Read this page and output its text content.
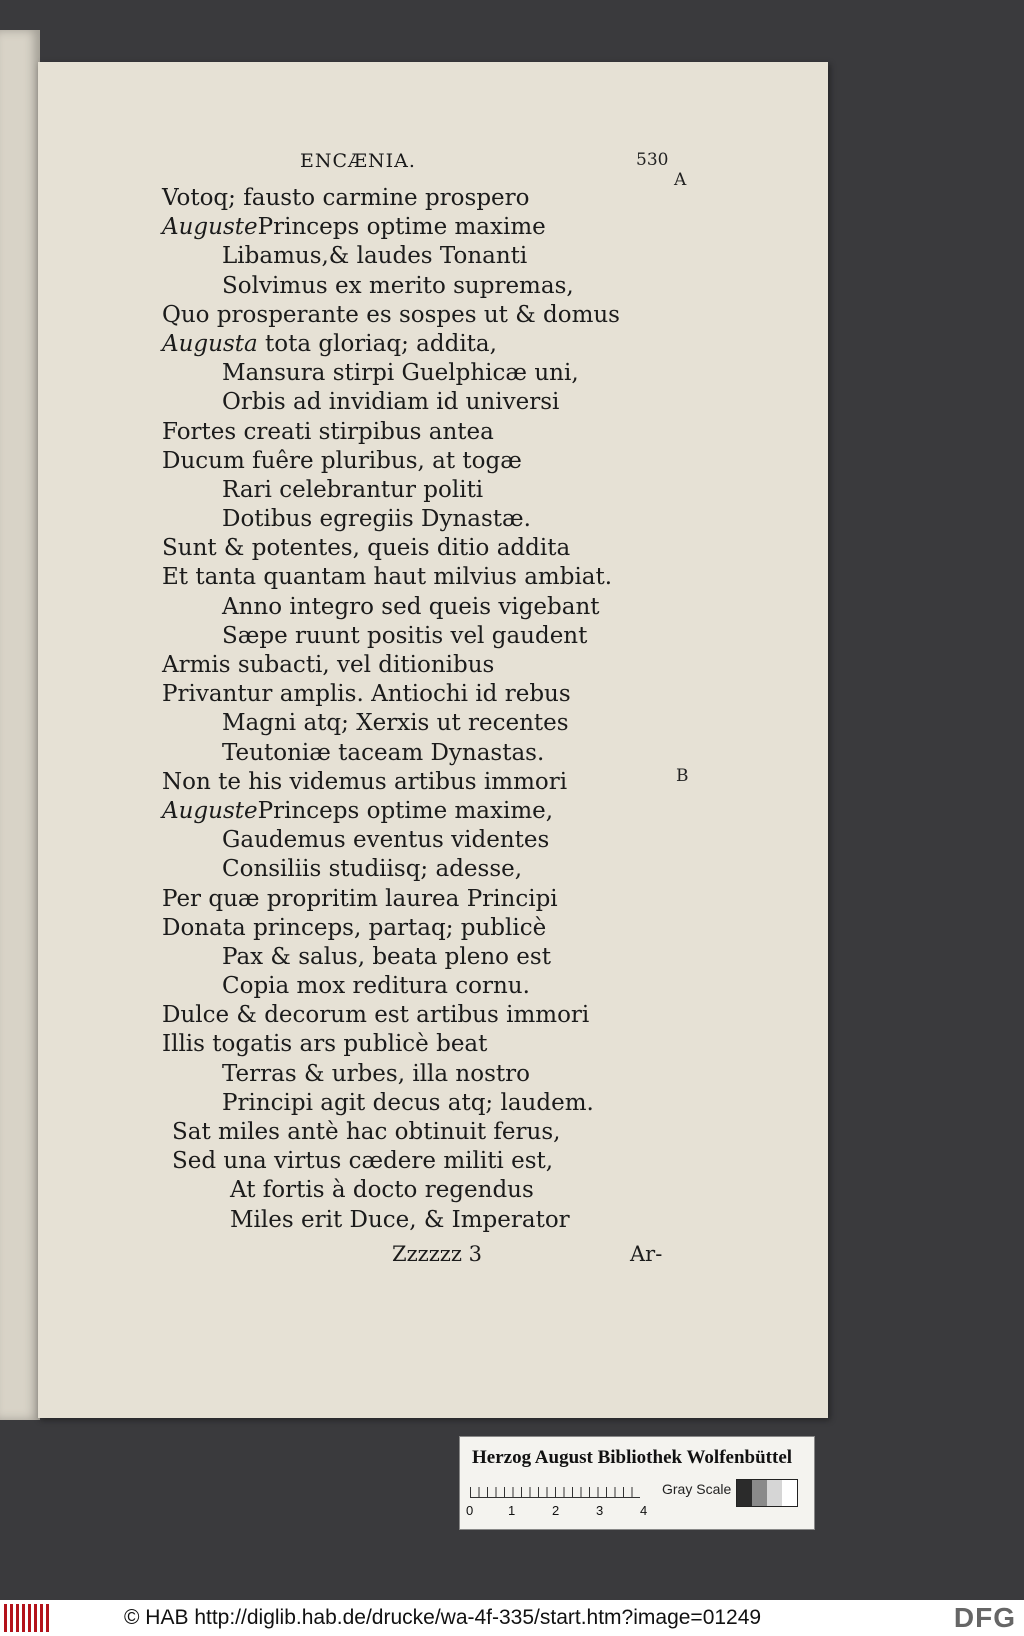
ENCÆNIA.	530
A
B
Votoq; fausto carmine prospero
AugustePrinceps optime maxime
Libamus,& laudes Tonanti
Solvimus ex merito supremas,
Quo prosperante es sospes ut & domus
Augusta tota gloriaq; addita,
Mansura stirpi Guelphicæ uni,
Orbis ad invidiam id universi
Fortes creati stirpibus antea
Ducum fuêre pluribus, at togæ
Rari celebrantur politi
Dotibus egregiis Dynastæ.
Sunt & potentes, queis ditio addita
Et tanta quantam haut milvius ambiat.
Anno integro sed queis vigebant
Sæpe ruunt positis vel gaudent
Armis subacti, vel ditionibus
Privantur amplis. Antiochi id rebus
Magni atq; Xerxis ut recentes
Teutoniæ taceam Dynastas.
Non te his videmus artibus immori
AugustePrinceps optime maxime,
Gaudemus eventus videntes
Consiliis studiisq; adesse,
Per quæ propritim laurea Principi
Donata princeps, partaq; publicè
Pax & salus, beata pleno est
Copia mox reditura cornu.
Dulce & decorum est artibus immori
Illis togatis ars publicè beat
Terras & urbes, illa nostro
Principi agit decus atq; laudem.
Sat miles antè hac obtinuit ferus,
Sed una virtus cædere militi est,
At fortis à docto regendus
Miles erit Duce, & Imperator
Zzzzzz 3	Ar-
Herzog August Bibliothek Wolfenbüttel
0	1	2	3	4
Gray Scale
© HAB http://diglib.hab.de/drucke/wa-4f-335/start.htm?image=01249	DFG
